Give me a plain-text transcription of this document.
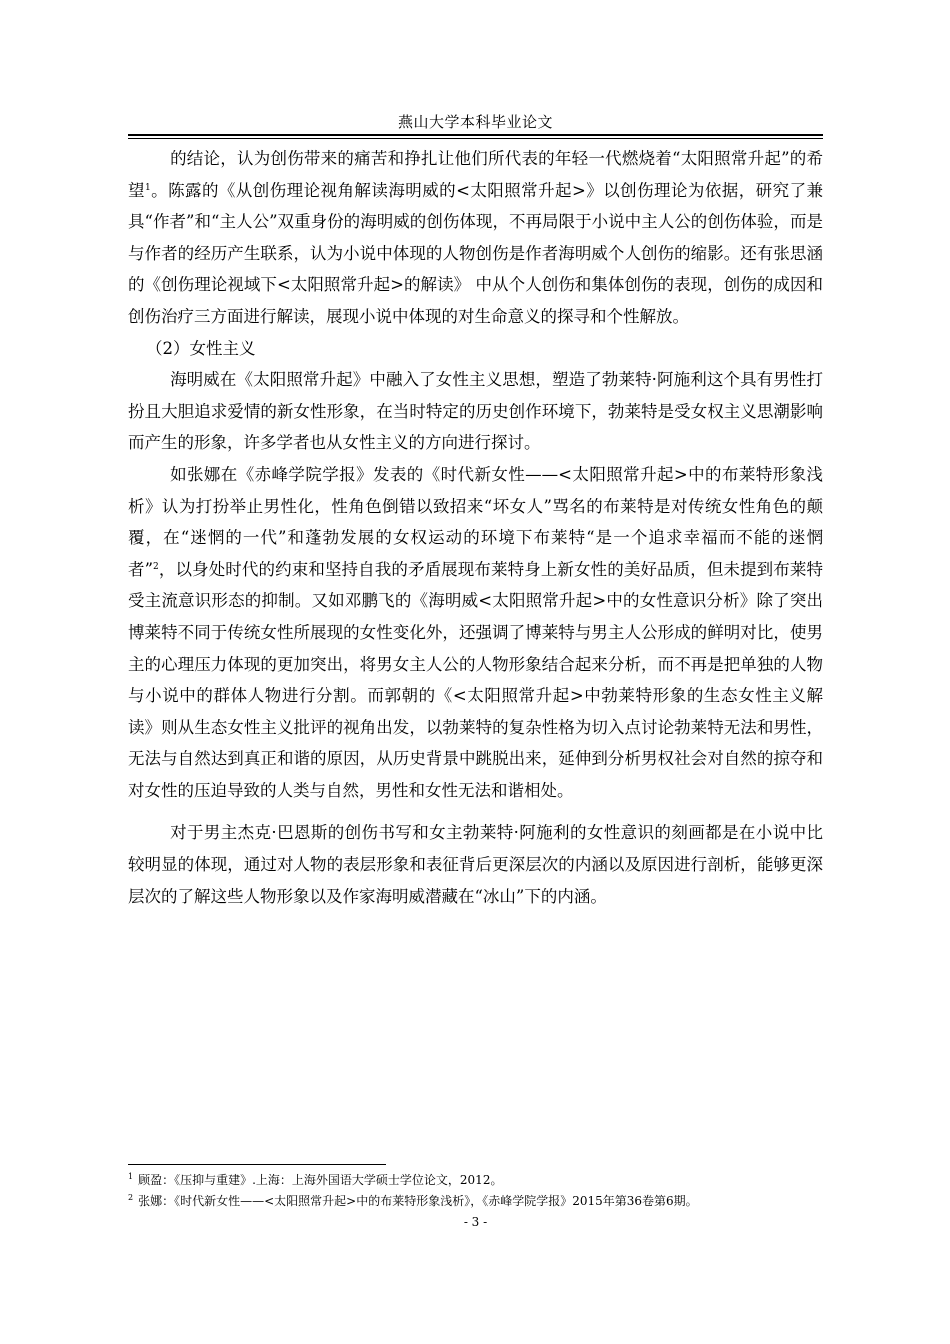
燕山大学本科毕业论文

的结论，认为创伤带来的痛苦和挣扎让他们所代表的年轻一代燃烧着“太阳照常升起”的希望$^1$。陈露的《从创伤理论视角解读海明威的<太阳照常升起>》以创伤理论为依据，研究了兼具“作者”和“主人公”双重身份的海明威的创伤体现，不再局限于小说中主人公的创伤体验，而是与作者的经历产生联系，认为小说中体现的人物创伤是作者海明威个人创伤的缩影。还有张思涵的《创伤理论视域下<太阳照常升起>的解读》 中从个人创伤和集体创伤的表现，创伤的成因和创伤治疗三方面进行解读，展现小说中体现的对生命意义的探寻和个性解放。

（2）女性主义

海明威在《太阳照常升起》中融入了女性主义思想，塑造了勃莱特·阿施利这个具有男性打扮且大胆追求爱情的新女性形象，在当时特定的历史创作环境下，勃莱特是受女权主义思潮影响而产生的形象，许多学者也从女性主义的方向进行探讨。

如张娜在《赤峰学院学报》发表的《时代新女性——<太阳照常升起>中的布莱特形象浅析》认为打扮举止男性化，性角色倒错以致招来“坏女人”骂名的布莱特是对传统女性角色的颠覆，在“迷惘的一代”和蓬勃发展的女权运动的环境下布莱特“是一个追求幸福而不能的迷惘者”$^2$，以身处时代的约束和坚持自我的矛盾展现布莱特身上新女性的美好品质，但未提到布莱特受主流意识形态的抑制。又如邓鹏飞的《海明威<太阳照常升起>中的女性意识分析》除了突出博莱特不同于传统女性所展现的女性变化外，还强调了博莱特与男主人公形成的鲜明对比，使男主的心理压力体现的更加突出，将男女主人公的人物形象结合起来分析，而不再是把单独的人物与小说中的群体人物进行分割。而郭朝的《<太阳照常升起>中勃莱特形象的生态女性主义解读》则从生态女性主义批评的视角出发，以勃莱特的复杂性格为切入点讨论勃莱特无法和男性，无法与自然达到真正和谐的原因，从历史背景中跳脱出来，延伸到分析男权社会对自然的掠夺和对女性的压迫导致的人类与自然，男性和女性无法和谐相处。

对于男主杰克·巴恩斯的创伤书写和女主勃莱特·阿施利的女性意识的刻画都是在小说中比较明显的体现，通过对人物的表层形象和表征背后更深层次的内涵以及原因进行剖析，能够更深层次的了解这些人物形象以及作家海明威潜藏在“冰山”下的内涵。

$^1$ 顾盈：《压抑与重建》.上海：上海外国语大学硕士学位论文，2012。
$^2$ 张娜：《时代新女性——<太阳照常升起>中的布莱特形象浅析》，《赤峰学院学报》2015年第36卷第6期。
- 3 -
